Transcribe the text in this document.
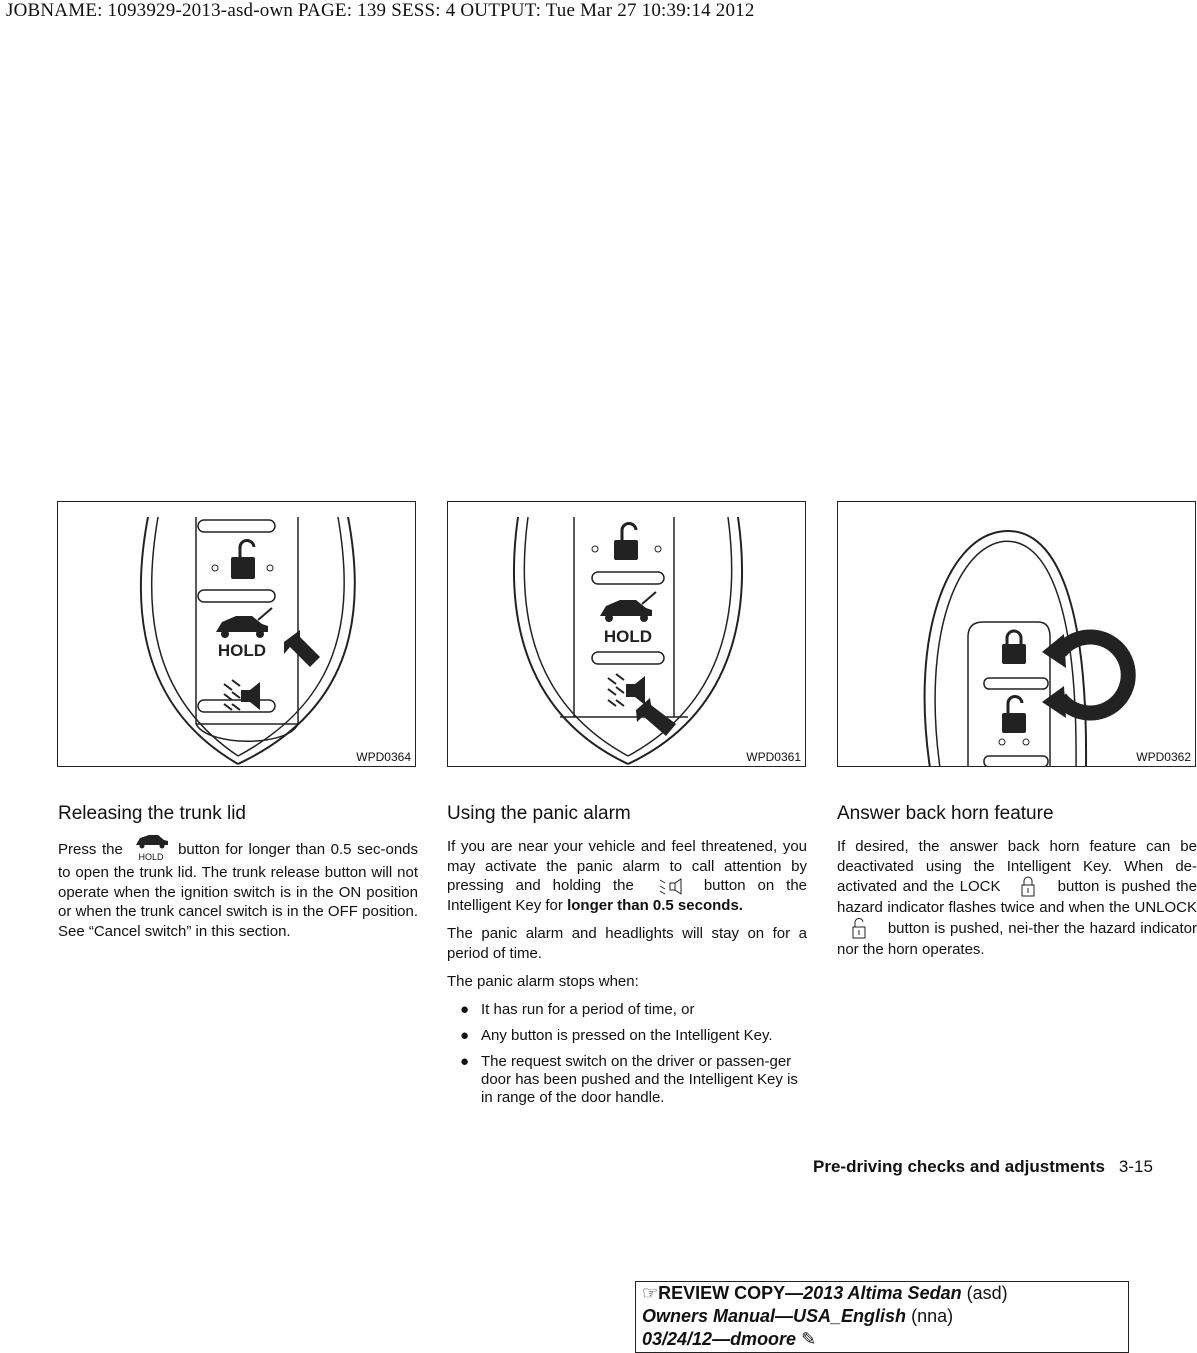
JOBNAME: 1093929-2013-asd-own PAGE: 139 SESS: 4 OUTPUT: Tue Mar 27 10:39:14 2012
HOLD
WPD0364
HOLD
WPD0361	WPD0362
Releasing the trunk lid

Press the HOLD button for longer than 0.5 sec-onds to open the trunk lid. The trunk release button will not operate when the ignition switch is in the ON position or when the trunk cancel switch is in the OFF position. See “Cancel switch” in this section.

Using the panic alarm

If you are near your vehicle and feel threatened, you may activate the panic alarm to call attention by pressing and holding the	button on the Intelligent Key for longer than 0.5 seconds.

The panic alarm and headlights will stay on for a period of time.

The panic alarm stops when:

● It has run for a period of time, or
● Any button is pressed on the Intelligent Key.
● The request switch on the driver or passen-ger door has been pushed and the Intelligent Key is in range of the door handle.
Answer back horn feature

If desired, the answer back horn feature can be deactivated using the Intelligent Key. When de-activated and the LOCK	button is pushed the hazard indicator flashes twice and when the UNLOCK  button is pushed, nei-ther the hazard indicator nor the horn operates.

Pre-driving checks and adjustments 3-15
☞REVIEW COPY—2013 Altima Sedan (asd)
Owners Manual—USA_English (nna)
03/24/12—dmoore ✎
